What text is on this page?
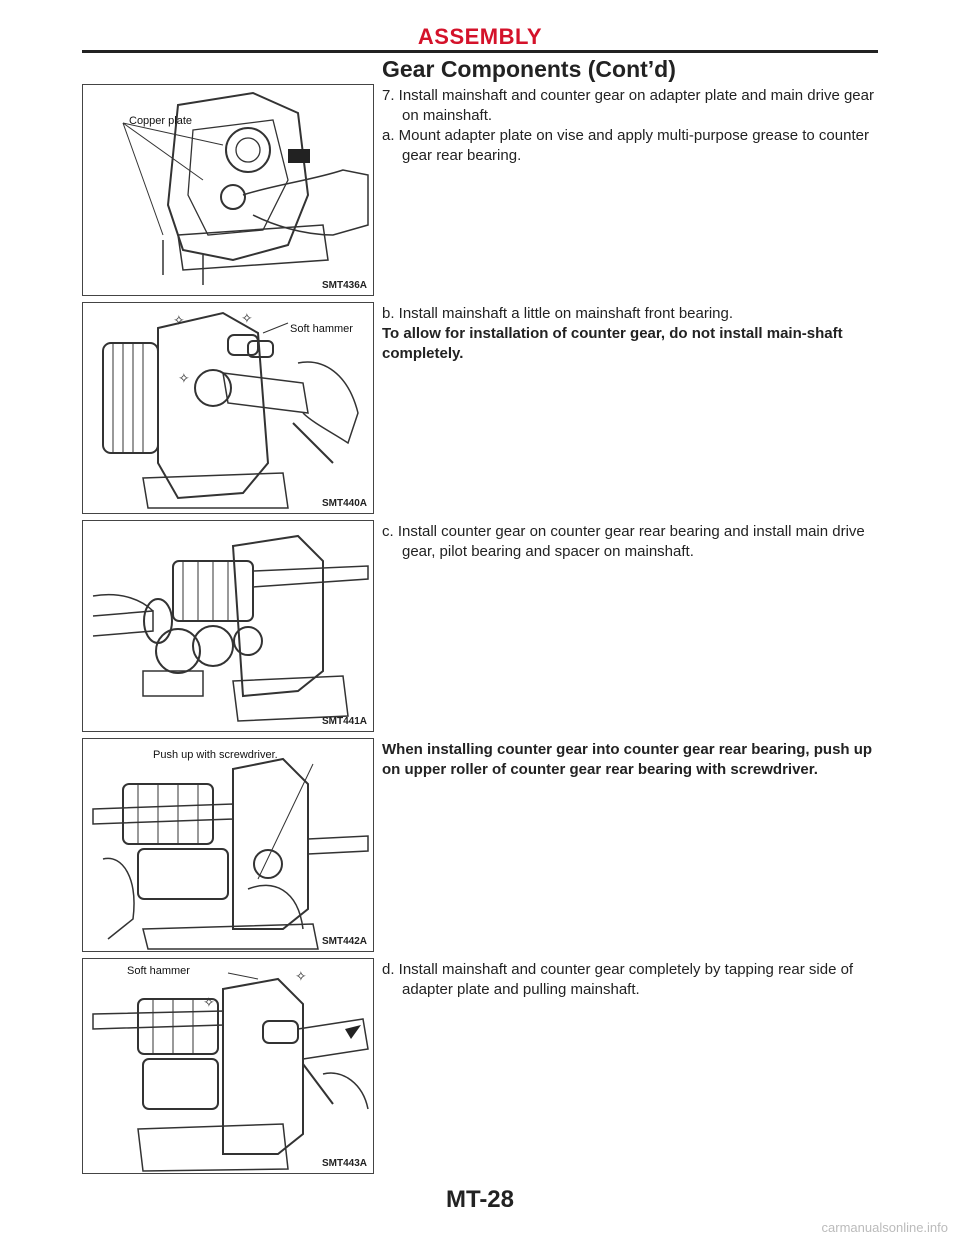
ASSEMBLY
Gear Components (Cont’d)
Copper plate
SMT436A
✧	✧
✧
Soft hammer
SMT440A
SMT441A
Push up with screwdriver.
SMT442A
✧
✧
Soft hammer
SMT443A

7. Install mainshaft and counter gear on adapter plate and main drive gear on mainshaft.

a. Mount adapter plate on vise and apply multi-purpose grease to counter gear rear bearing.

b. Install mainshaft a little on mainshaft front bearing.

To allow for installation of counter gear, do not install main-shaft completely.

c. Install counter gear on counter gear rear bearing and install main drive gear, pilot bearing and spacer on mainshaft.

When installing counter gear into counter gear rear bearing, push up on upper roller of counter gear rear bearing with screwdriver.

d. Install mainshaft and counter gear completely by tapping rear side of adapter plate and pulling mainshaft.

MT-28
carmanualsonline.info
